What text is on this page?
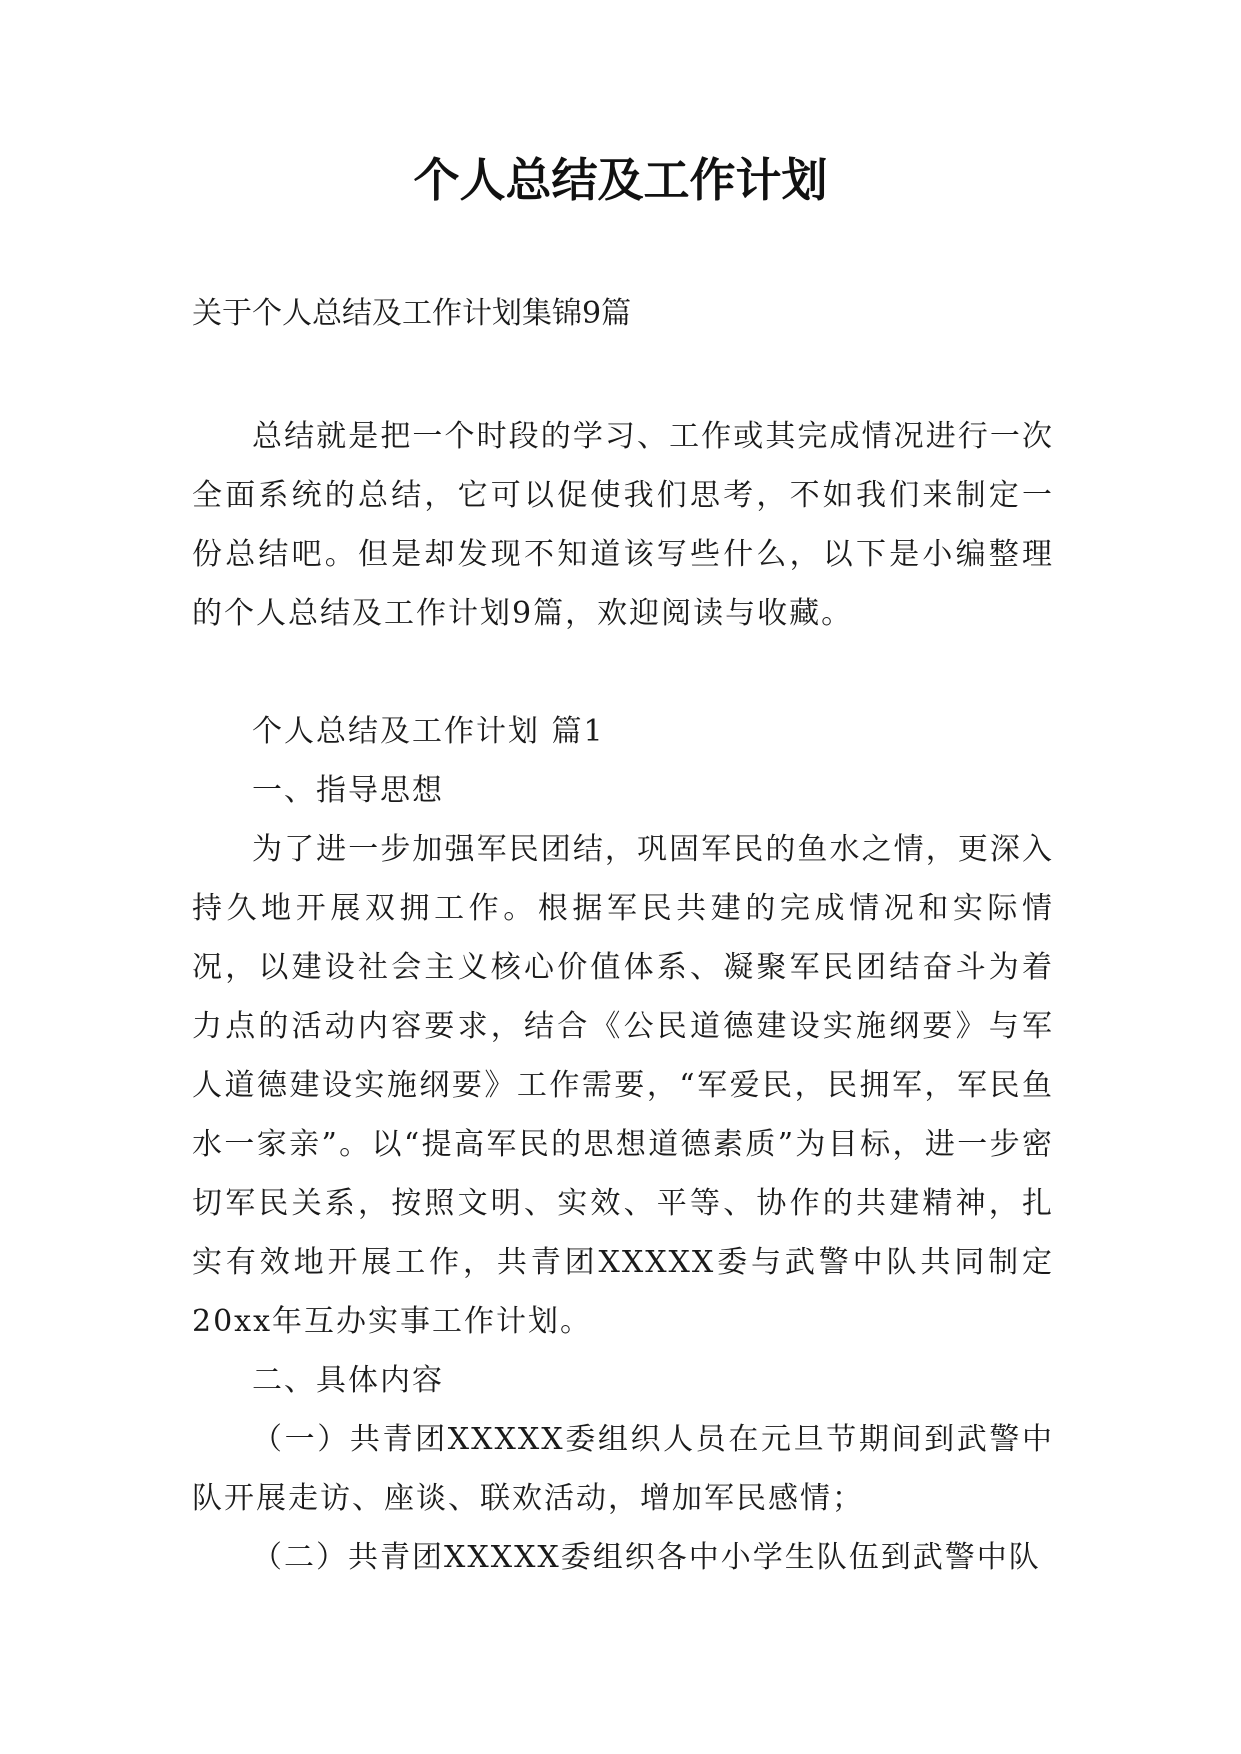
个人总结及工作计划

关于个人总结及工作计划集锦9篇

总结就是把一个时段的学习、工作或其完成情况进行一次全面系统的总结，它可以促使我们思考，不如我们来制定一份总结吧。但是却发现不知道该写些什么，以下是小编整理的个人总结及工作计划9篇，欢迎阅读与收藏。

个人总结及工作计划 篇1

一、指导思想

为了进一步加强军民团结，巩固军民的鱼水之情，更深入持久地开展双拥工作。根据军民共建的完成情况和实际情况，以建设社会主义核心价值体系、凝聚军民团结奋斗为着力点的活动内容要求，结合《公民道德建设实施纲要》与军人道德建设实施纲要》工作需要，“军爱民，民拥军，军民鱼水一家亲”。以“提高军民的思想道德素质”为目标，进一步密切军民关系，按照文明、实效、平等、协作的共建精神，扎实有效地开展工作，共青团XXXXX委与武警中队共同制定20xx年互办实事工作计划。

二、具体内容

（一）共青团XXXXX委组织人员在元旦节期间到武警中队开展走访、座谈、联欢活动，增加军民感情；

（二）共青团XXXXX委组织各中小学生队伍到武警中队
